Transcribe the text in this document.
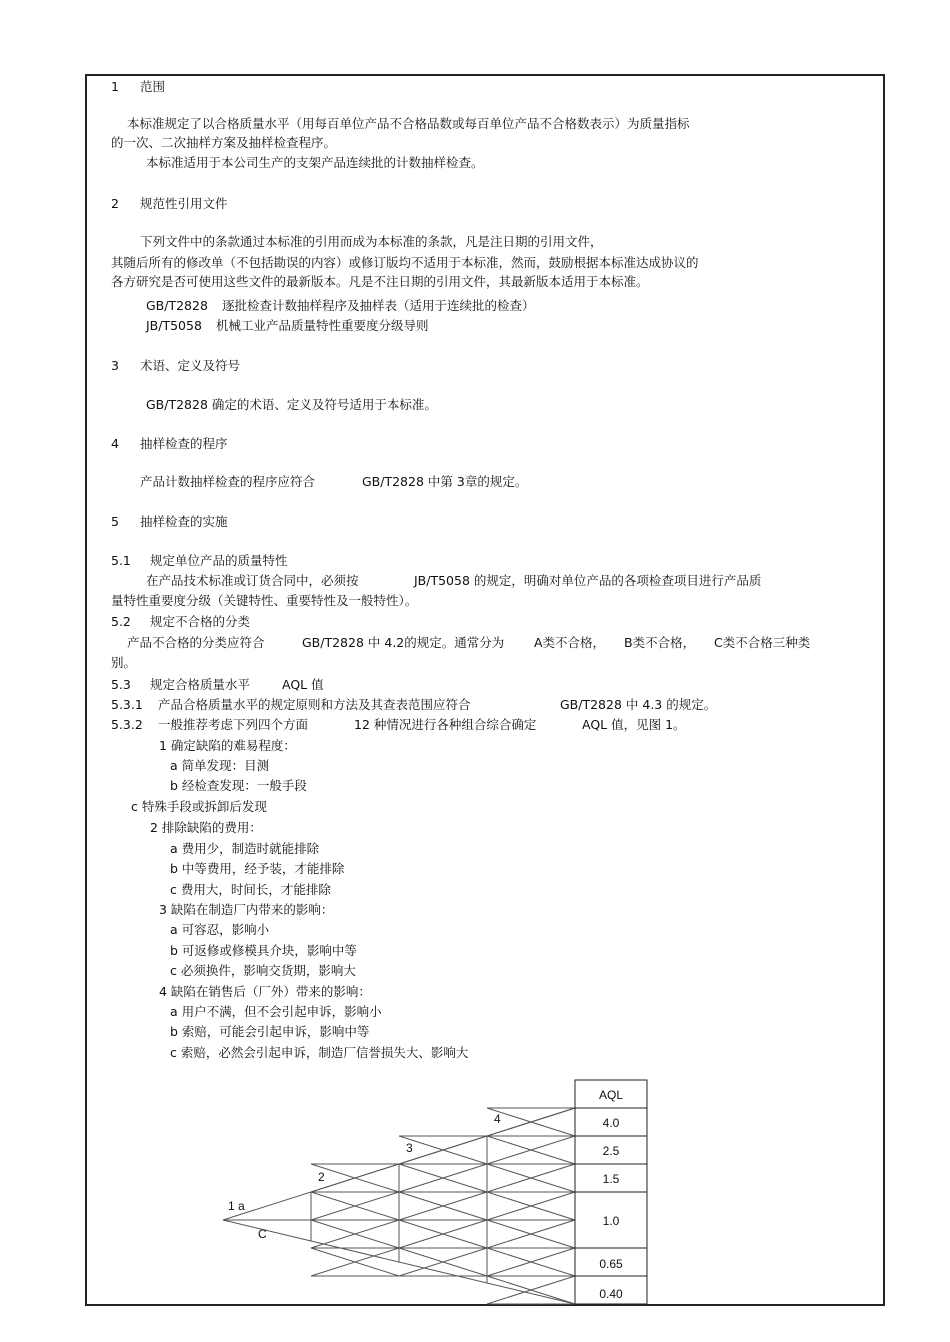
1 范围
本标准规定了以合格质量水平（用每百单位产品不合格品数或每百单位产品不合格数表示）为质量指标
的一次、二次抽样方案及抽样检查程序。
本标准适用于本公司生产的支架产品连续批的计数抽样检查。
2 规范性引用文件
下列文件中的条款通过本标准的引用而成为本标准的条款，凡是注日期的引用文件，
其随后所有的修改单（不包括勘误的内容）或修订版均不适用于本标准，然而，鼓励根据本标准达成协议的
各方研究是否可使用这些文件的最新版本。凡是不注日期的引用文件，其最新版本适用于本标准。
GB/T2828 逐批检查计数抽样程序及抽样表（适用于连续批的检查）
JB/T5058 机械工业产品质量特性重要度分级导则
3 术语、定义及符号
GB/T2828 确定的术语、定义及符号适用于本标准。
4 抽样检查的程序
产品计数抽样检查的程序应符合	GB/T2828 中第 3章的规定。
5 抽样检查的实施
5.1 规定单位产品的质量特性
在产品技术标准或订货合同中，必须按	JB/T5058 的规定，明确对单位产品的各项检查项目进行产品质
量特性重要度分级（关键特性、重要特性及一般特性）。
5.2 规定不合格的分类
产品不合格的分类应符合	GB/T2828 中 4.2的规定。通常分为 A类不合格， B类不合格， C类不合格三种类
别。
5.3 规定合格质量水平	AQL 值
5.3.1 产品合格质量水平的规定原则和方法及其查表范围应符合	GB/T2828 中 4.3 的规定。
5.3.2 一般推荐考虑下列四个方面	12 种情况进行各种组合综合确定	AQL 值，见图 1。
1 确定缺陷的难易程度：
a 简单发现：目测
b 经检查发现：一般手段
c 特殊手段或拆卸后发现
2 排除缺陷的费用：
a 费用少，制造时就能排除
b 中等费用，经予装，才能排除
c 费用大，时间长，才能排除
3 缺陷在制造厂内带来的影响：
a 可容忍，影响小
b 可返修或修模具介块，影响中等
c 必须换件，影响交货期，影响大
4 缺陷在销售后（厂外）带来的影响：
a 用户不满，但不会引起申诉，影响小
b 索赔，可能会引起申诉，影响中等
c 索赔，必然会引起申诉，制造厂信誉损失大、影响大
AQL
4.0
2.5
1.5
1.0
0.65
0.40
2
3
4
1 a
C
